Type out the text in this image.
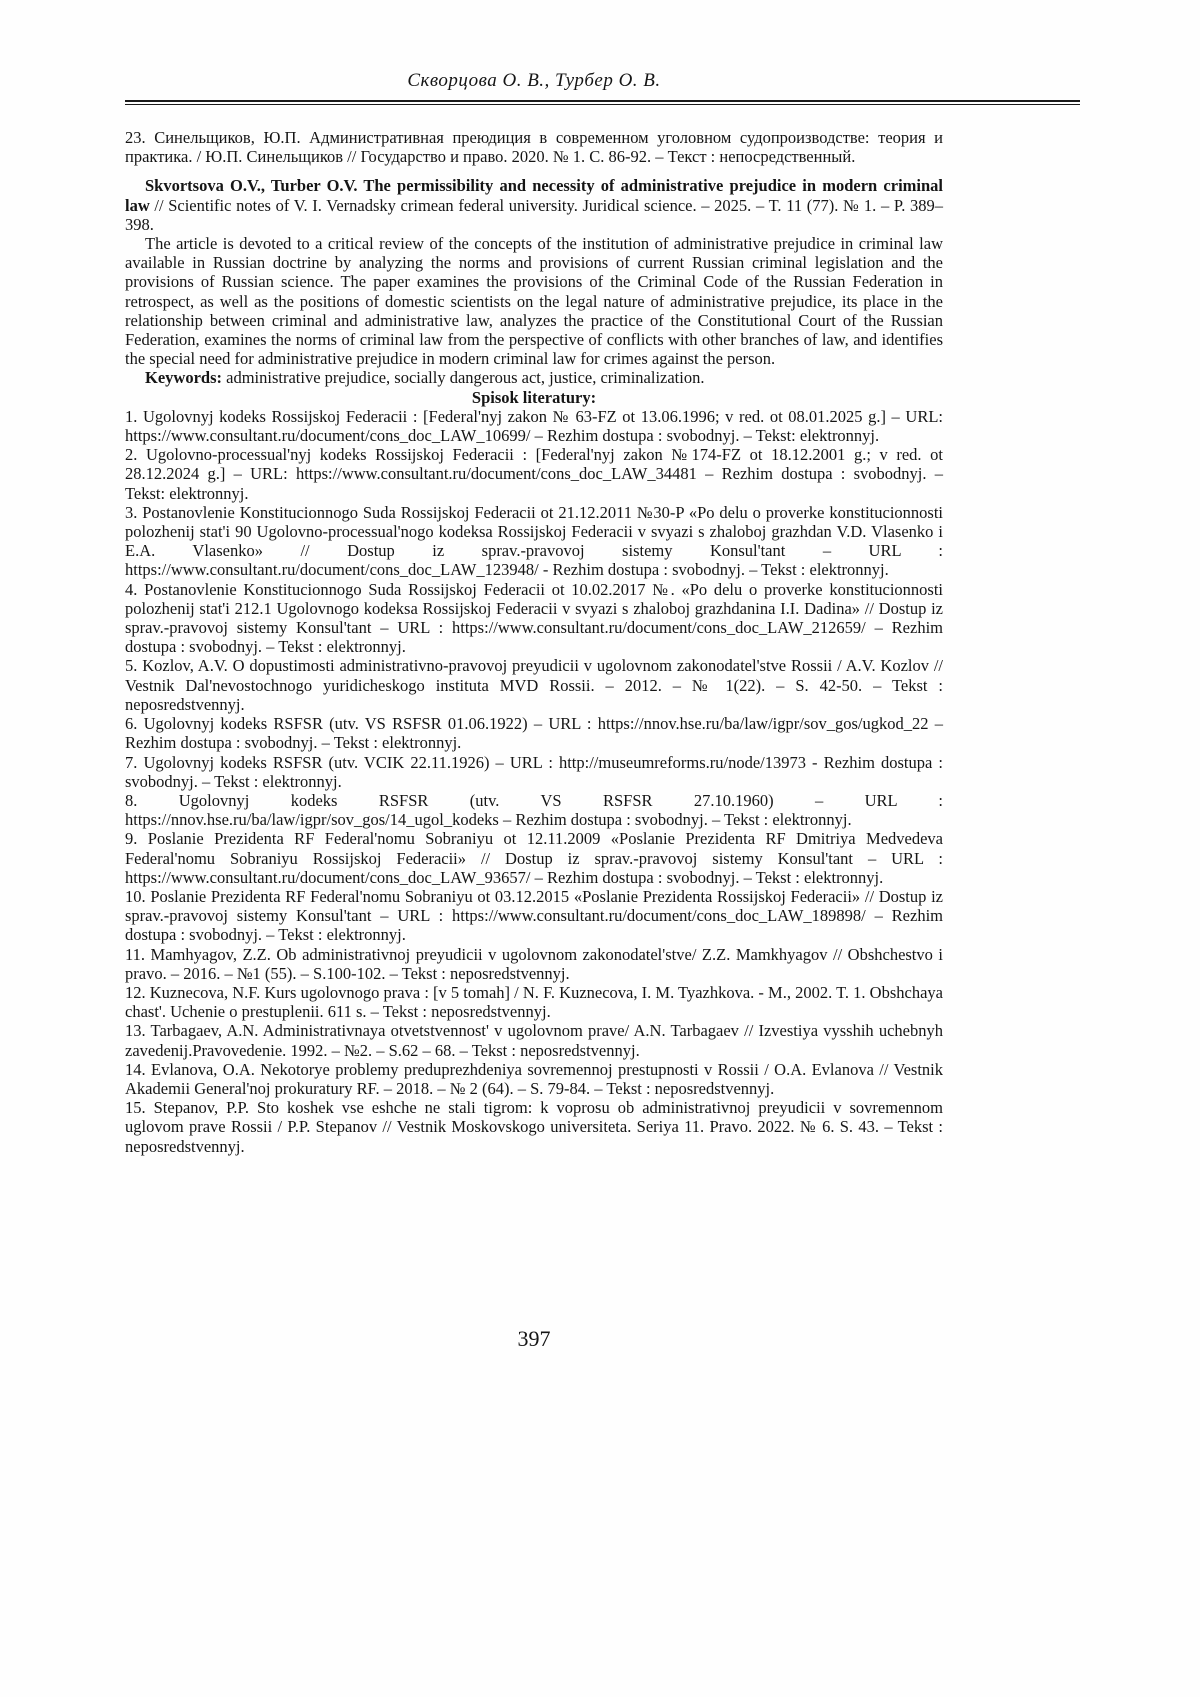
Скворцова О. В., Турбер О. В.

23. Синельщиков, Ю.П. Административная преюдиция в современном уголовном судопроизводстве: теория и практика. / Ю.П. Синельщиков // Государство и право. 2020. № 1. С. 86-92. – Текст : непосредственный.

Skvortsova O.V., Turber O.V. The permissibility and necessity of administrative prejudice in modern criminal law // Scientific notes of V. I. Vernadsky crimean federal university. Juridical science. – 2025. – T. 11 (77). № 1. – P. 389–398.

The article is devoted to a critical review of the concepts of the institution of administrative prejudice in criminal law available in Russian doctrine by analyzing the norms and provisions of current Russian criminal legislation and the provisions of Russian science. The paper examines the provisions of the Criminal Code of the Russian Federation in retrospect, as well as the positions of domestic scientists on the legal nature of administrative prejudice, its place in the relationship between criminal and administrative law, analyzes the practice of the Constitutional Court of the Russian Federation, examines the norms of criminal law from the perspective of conflicts with other branches of law, and identifies the special need for administrative prejudice in modern criminal law for crimes against the person.

Keywords: administrative prejudice, socially dangerous act, justice, criminalization.

Spisok literatury:

1. Ugolovnyj kodeks Rossijskoj Federacii : [Federal'nyj zakon № 63-FZ ot 13.06.1996; v red. ot 08.01.2025 g.] – URL: https://www.consultant.ru/document/cons_doc_LAW_10699/ – Rezhim dostupa : svobodnyj. – Tekst: elektronnyj.

2. Ugolovno-processual'nyj kodeks Rossijskoj Federacii : [Federal'nyj zakon №174-FZ ot 18.12.2001 g.; v red. ot 28.12.2024 g.] – URL: https://www.consultant.ru/document/cons_doc_LAW_34481 – Rezhim dostupa : svobodnyj. – Tekst: elektronnyj.

3. Postanovlenie Konstitucionnogo Suda Rossijskoj Federacii ot 21.12.2011 №30-P «Po delu o proverke konstitucionnosti polozhenij stat'i 90 Ugolovno-processual'nogo kodeksa Rossijskoj Federacii v svyazi s zhaloboj grazhdan V.D. Vlasenko i E.A. Vlasenko» // Dostup iz sprav.-pravovoj sistemy Konsul'tant – URL : https://www.consultant.ru/document/cons_doc_LAW_123948/ - Rezhim dostupa : svobodnyj. – Tekst : elektronnyj.

4. Postanovlenie Konstitucionnogo Suda Rossijskoj Federacii ot 10.02.2017 №. «Po delu o proverke konstitucionnosti polozhenij stat'i 212.1 Ugolovnogo kodeksa Rossijskoj Federacii v svyazi s zhaloboj grazhdanina I.I. Dadina» // Dostup iz sprav.-pravovoj sistemy Konsul'tant – URL : https://www.consultant.ru/document/cons_doc_LAW_212659/ – Rezhim dostupa : svobodnyj. – Tekst : elektronnyj.

5. Kozlov, A.V. O dopustimosti administrativno-pravovoj preyudicii v ugolovnom zakonodatel'stve Rossii / A.V. Kozlov // Vestnik Dal'nevostochnogo yuridicheskogo instituta MVD Rossii. – 2012. – № 1(22). – S. 42-50. – Tekst : neposredstvennyj.

6. Ugolovnyj kodeks RSFSR (utv. VS RSFSR 01.06.1922) – URL : https://nnov.hse.ru/ba/law/igpr/sov_gos/ugkod_22 – Rezhim dostupa : svobodnyj. – Tekst : elektronnyj.

7. Ugolovnyj kodeks RSFSR (utv. VCIK 22.11.1926) – URL : http://museumreforms.ru/node/13973 - Rezhim dostupa : svobodnyj. – Tekst : elektronnyj.

8. Ugolovnyj kodeks RSFSR (utv. VS RSFSR 27.10.1960) – URL : https://nnov.hse.ru/ba/law/igpr/sov_gos/14_ugol_kodeks – Rezhim dostupa : svobodnyj. – Tekst : elektronnyj.

9. Poslanie Prezidenta RF Federal'nomu Sobraniyu ot 12.11.2009 «Poslanie Prezidenta RF Dmitriya Medvedeva Federal'nomu Sobraniyu Rossijskoj Federacii» // Dostup iz sprav.-pravovoj sistemy Konsul'tant – URL : https://www.consultant.ru/document/cons_doc_LAW_93657/ – Rezhim dostupa : svobodnyj. – Tekst : elektronnyj.

10. Poslanie Prezidenta RF Federal'nomu Sobraniyu ot 03.12.2015 «Poslanie Prezidenta Rossijskoj Federacii» // Dostup iz sprav.-pravovoj sistemy Konsul'tant – URL : https://www.consultant.ru/document/cons_doc_LAW_189898/ – Rezhim dostupa : svobodnyj. – Tekst : elektronnyj.

11. Mamhyagov, Z.Z. Ob administrativnoj preyudicii v ugolovnom zakonodatel'stve/ Z.Z. Mamkhyagov // Obshchestvo i pravo. – 2016. – №1 (55). – S.100-102. – Tekst : neposredstvennyj.

12. Kuznecova, N.F. Kurs ugolovnogo prava : [v 5 tomah] / N. F. Kuznecova, I. M. Tyazhkova. - M., 2002. T. 1. Obshchaya chast'. Uchenie o prestuplenii. 611 s. – Tekst : neposredstvennyj.

13. Tarbagaev, A.N. Administrativnaya otvetstvennost' v ugolovnom prave/ A.N. Tarbagaev // Izvestiya vysshih uchebnyh zavedenij.Pravovedenie. 1992. – №2. – S.62 – 68. – Tekst : neposredstvennyj.

14. Evlanova, O.A. Nekotorye problemy preduprezhdeniya sovremennoj prestupnosti v Rossii / O.A. Evlanova // Vestnik Akademii General'noj prokuratury RF. – 2018. – № 2 (64). – S. 79-84. – Tekst : neposredstvennyj.

15. Stepanov, P.P. Sto koshek vse eshche ne stali tigrom: k voprosu ob administrativnoj preyudicii v sovremennom uglovom prave Rossii / P.P. Stepanov // Vestnik Moskovskogo universiteta. Seriya 11. Pravo. 2022. № 6. S. 43. – Tekst : neposredstvennyj.

397
